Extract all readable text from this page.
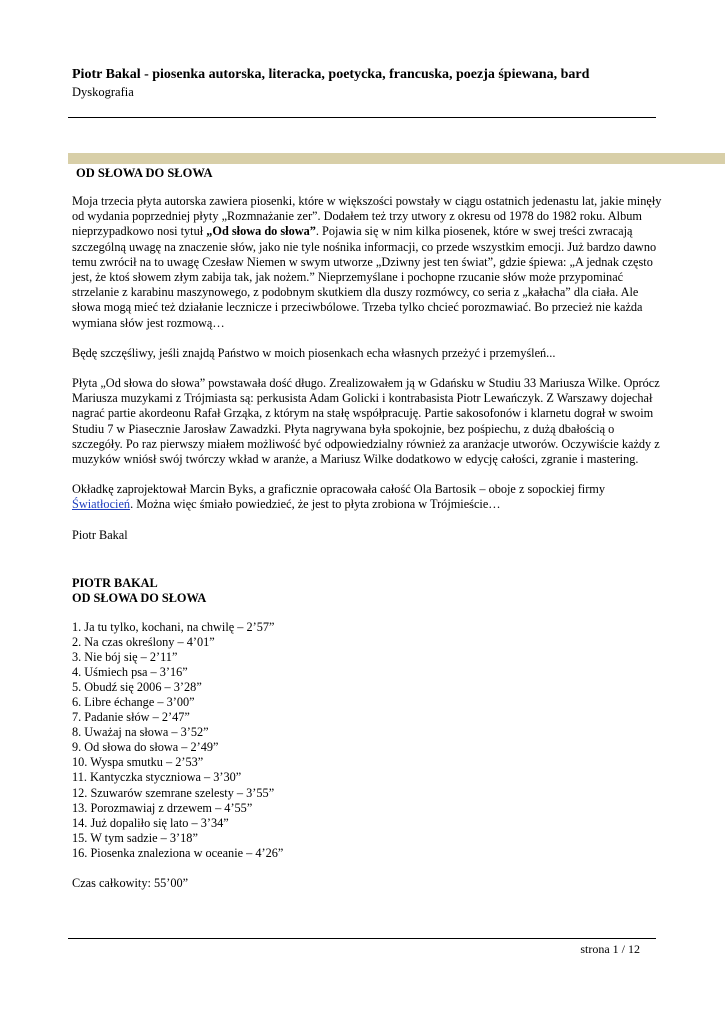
Piotr Bakal - piosenka autorska, literacka, poetycka, francuska, poezja śpiewana, bard

Dyskografia

OD SŁOWA DO SŁOWA

Moja trzecia płyta autorska zawiera piosenki, które w większości powstały w ciągu ostatnich jedenastu lat, jakie minęły od wydania poprzedniej płyty „Rozmnażanie zer”. Dodałem też trzy utwory z okresu od 1978 do 1982 roku. Album nieprzypadkowo nosi tytuł „Od słowa do słowa”. Pojawia się w nim kilka piosenek, które w swej treści zwracają szczególną uwagę na znaczenie słów, jako nie tyle nośnika informacji, co przede wszystkim emocji. Już bardzo dawno temu zwrócił na to uwagę Czesław Niemen w swym utworze „Dziwny jest ten świat”, gdzie śpiewa: „A jednak często jest, że ktoś słowem złym zabija tak, jak nożem.” Nieprzemyślane i pochopne rzucanie słów może przypominać strzelanie z karabinu maszynowego, z podobnym skutkiem dla duszy rozmówcy, co seria z „kałacha” dla ciała. Ale słowa mogą mieć też działanie lecznicze i przeciwbólowe. Trzeba tylko chcieć porozmawiać. Bo przecież nie każda wymiana słów jest rozmową…

Będę szczęśliwy, jeśli znajdą Państwo w moich piosenkach echa własnych przeżyć i przemyśleń...

Płyta „Od słowa do słowa” powstawała dość długo. Zrealizowałem ją w Gdańsku w Studiu 33 Mariusza Wilke. Oprócz Mariusza muzykami z Trójmiasta są: perkusista Adam Golicki i kontrabasista Piotr Lewańczyk. Z Warszawy dojechał nagrać partie akordeonu Rafał Grząka, z którym na stałę współpracuję. Partie sakosofonów i klarnetu dograł w swoim Studiu 7 w Piasecznie Jarosław Zawadzki. Płyta nagrywana była spokojnie, bez pośpiechu, z dużą dbałością o szczegóły. Po raz pierwszy miałem możliwość być odpowiedzialny również za aranżacje utworów. Oczywiście każdy z muzyków wniósł swój twórczy wkład w aranże, a Mariusz Wilke dodatkowo w edycję całości, zgranie i mastering.

Okładkę zaprojektował Marcin Byks, a graficznie opracowała całość Ola Bartosik – oboje z sopockiej firmy Światłocień. Można więc śmiało powiedzieć, że jest to płyta zrobiona w Trójmieście…

Piotr Bakal

PIOTR BAKAL

OD SŁOWA DO SŁOWA

1. Ja tu tylko, kochani, na chwilę – 2’57”
2. Na czas określony – 4’01”
3. Nie bój się – 2’11”
4. Uśmiech psa – 3’16”
5. Obudź się 2006 – 3’28”
6. Libre échange – 3’00”
7. Padanie słów – 2’47”
8. Uważaj na słowa – 3’52”
9. Od słowa do słowa – 2’49”
10. Wyspa smutku – 2’53”
11. Kantyczka styczniowa – 3’30”
12. Szuwarów szemrane szelesty – 3’55”
13. Porozmawiaj z drzewem – 4’55”
14. Już dopaliło się lato – 3’34”
15. W tym sadzie – 3’18”
16. Piosenka znaleziona w oceanie – 4’26”

Czas całkowity: 55’00”

strona 1 / 12
